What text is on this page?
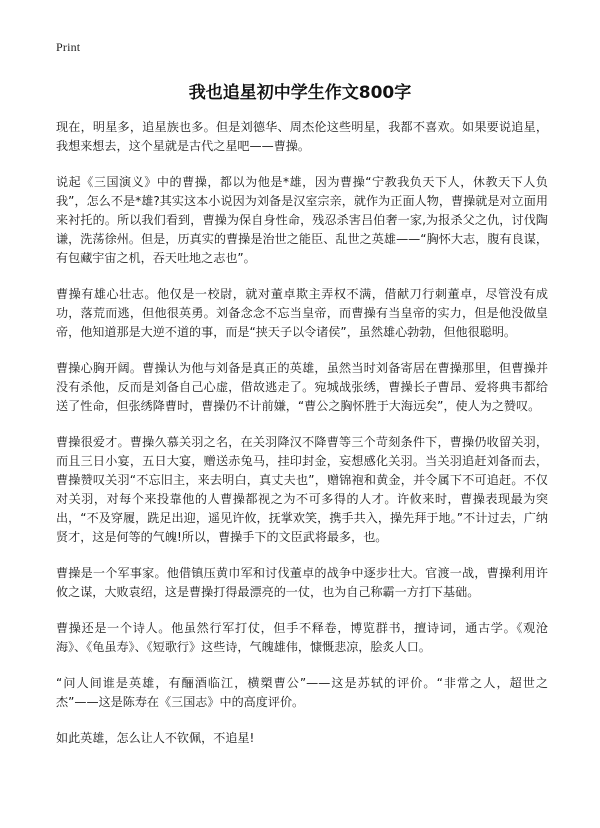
Print
我也追星初中学生作文800字

现在，明星多，追星族也多。但是刘德华、周杰伦这些明星，我都不喜欢。如果要说追星，我想来想去，这个星就是古代之星吧——曹操。

说起《三国演义》中的曹操，都以为他是*雄，因为曹操“宁教我负天下人，休教天下人负我”，怎么不是*雄?其实这本小说因为刘备是汉室宗亲，就作为正面人物，曹操就是对立面用来衬托的。所以我们看到，曹操为保自身性命，残忍杀害吕伯奢一家,为报杀父之仇，讨伐陶谦，洗荡徐州。但是，历真实的曹操是治世之能臣、乱世之英雄——“胸怀大志，腹有良谋，有包藏宇宙之机，吞天吐地之志也”。

曹操有雄心壮志。他仅是一校尉，就对董卓欺主弄权不满，借献刀行刺董卓，尽管没有成功，落荒而逃，但他很英勇。刘备念念不忘当皇帝，而曹操有当皇帝的实力，但是他没做皇帝，他知道那是大逆不道的事，而是“挟天子以令诸侯”，虽然雄心勃勃，但他很聪明。

曹操心胸开阔。曹操认为他与刘备是真正的英雄，虽然当时刘备寄居在曹操那里，但曹操并没有杀他，反而是刘备自己心虚，借故逃走了。宛城战张绣，曹操长子曹昂、爱将典韦都给送了性命，但张绣降曹时，曹操仍不计前嫌，“曹公之胸怀胜于大海远矣”，使人为之赞叹。

曹操很爱才。曹操久慕关羽之名，在关羽降汉不降曹等三个苛刻条件下，曹操仍收留关羽，而且三日小宴，五日大宴，赠送赤兔马，挂印封金，妄想感化关羽。当关羽追赶刘备而去，曹操赞叹关羽“不忘旧主，来去明白，真丈夫也”，赠锦袍和黄金，并令属下不可追赶。不仅对关羽，对每个来投靠他的人曹操都视之为不可多得的人才。许攸来时，曹操表现最为突出，“不及穿履，跣足出迎，遥见许攸，抚掌欢笑，携手共入，操先拜于地。”不计过去，广纳贤才，这是何等的气魄!所以，曹操手下的文臣武将最多，也。

曹操是一个军事家。他借镇压黄巾军和讨伐董卓的战争中逐步壮大。官渡一战，曹操利用许攸之谋，大败袁绍，这是曹操打得最漂亮的一仗，也为自己称霸一方打下基础。

曹操还是一个诗人。他虽然行军打仗，但手不释卷，博览群书，擅诗词，通古学。《观沧海》、《龟虽寿》、《短歌行》这些诗，气魄雄伟，慷慨悲凉，脍炙人口。

“问人间谁是英雄，有酾酒临江，横槊曹公”——这是苏轼的评价。“非常之人，超世之杰”——这是陈寿在《三国志》中的高度评价。

如此英雄，怎么让人不钦佩，不追星!
